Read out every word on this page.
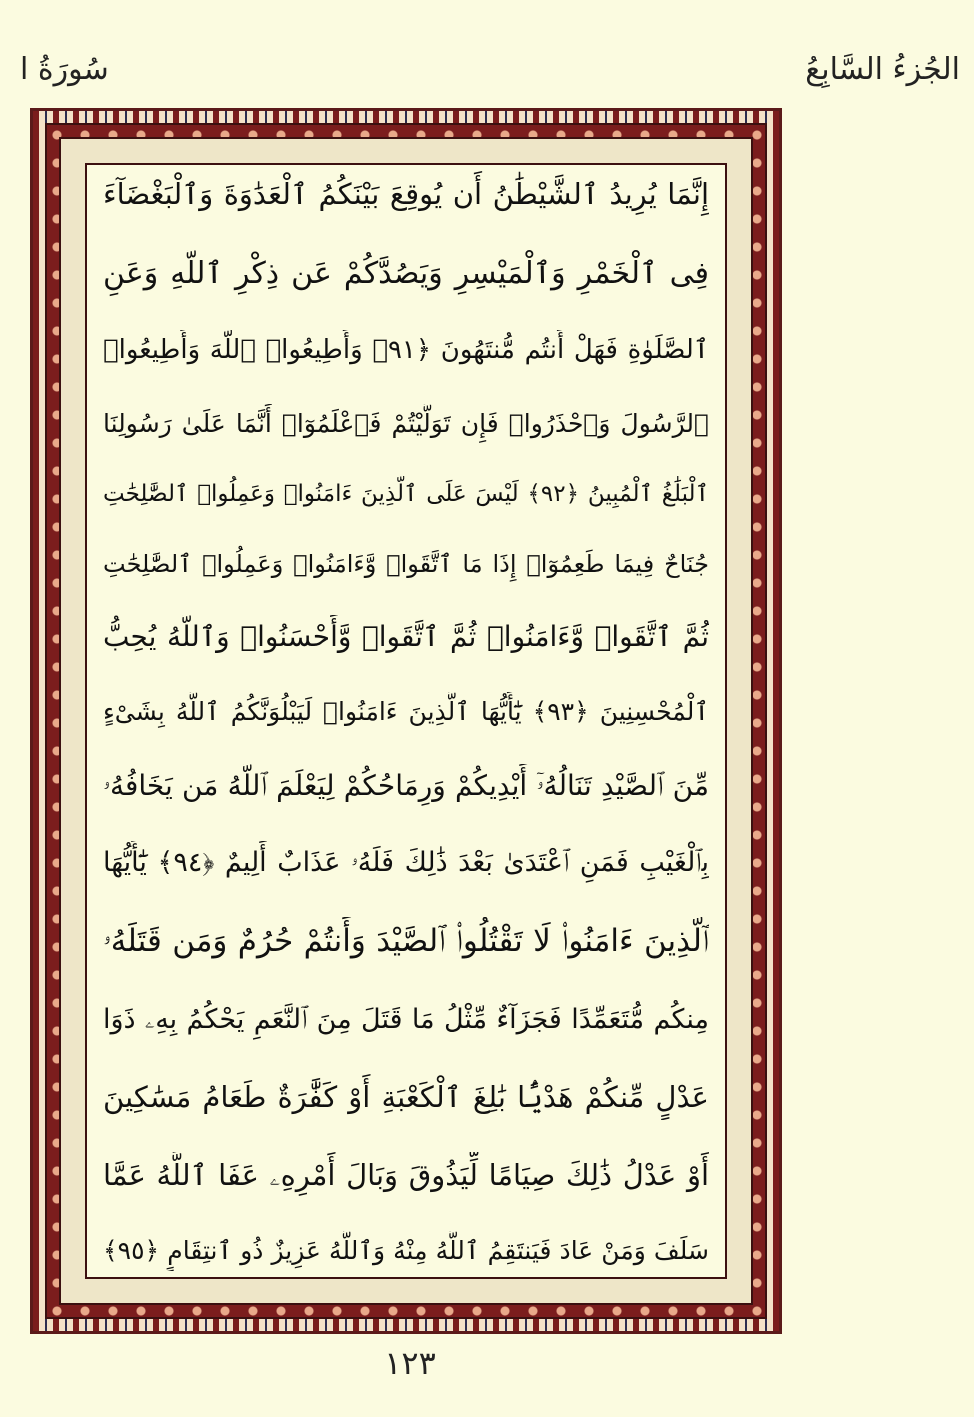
الجُزءُ السَّابِعُ
سُورَةُ ا
إِنَّمَا يُرِيدُ ٱلشَّيْطَٰنُ أَن يُوقِعَ بَيْنَكُمُ ٱلْعَدَٰوَةَ وَٱلْبَغْضَآءَ
فِى ٱلْخَمْرِ وَٱلْمَيْسِرِ وَيَصُدَّكُمْ عَن ذِكْرِ ٱللَّهِ وَعَنِ
ٱلصَّلَوٰةِ فَهَلْ أَنتُم مُّنتَهُونَ ﴿٩١﴾ وَأَطِيعُوا۟ ٱللَّهَ وَأَطِيعُوا۟
ٱلرَّسُولَ وَٱحْذَرُوا۟ فَإِن تَوَلَّيْتُمْ فَٱعْلَمُوٓا۟ أَنَّمَا عَلَىٰ رَسُولِنَا
ٱلْبَلَٰغُ ٱلْمُبِينُ ﴿٩٢﴾ لَيْسَ عَلَى ٱلَّذِينَ ءَامَنُوا۟ وَعَمِلُوا۟ ٱلصَّٰلِحَٰتِ
جُنَاحٌ فِيمَا طَعِمُوٓا۟ إِذَا مَا ٱتَّقَوا۟ وَّءَامَنُوا۟ وَعَمِلُوا۟ ٱلصَّٰلِحَٰتِ
ثُمَّ ٱتَّقَوا۟ وَّءَامَنُوا۟ ثُمَّ ٱتَّقَوا۟ وَّأَحْسَنُوا۟ وَٱللَّهُ يُحِبُّ
ٱلْمُحْسِنِينَ ﴿٩٣﴾ يَٰٓأَيُّهَا ٱلَّذِينَ ءَامَنُوا۟ لَيَبْلُوَنَّكُمُ ٱللَّهُ بِشَىْءٍ
مِّنَ ٱلصَّيْدِ تَنَالُهُۥٓ أَيْدِيكُمْ وَرِمَاحُكُمْ لِيَعْلَمَ ٱللَّهُ مَن يَخَافُهُۥ
بِٱلْغَيْبِ فَمَنِ ٱعْتَدَىٰ بَعْدَ ذَٰلِكَ فَلَهُۥ عَذَابٌ أَلِيمٌ ﴿٩٤﴾ يَٰٓأَيُّهَا
ٱلَّذِينَ ءَامَنُوا۟ لَا تَقْتُلُوا۟ ٱلصَّيْدَ وَأَنتُمْ حُرُمٌ وَمَن قَتَلَهُۥ
مِنكُم مُّتَعَمِّدًا فَجَزَآءٌ مِّثْلُ مَا قَتَلَ مِنَ ٱلنَّعَمِ يَحْكُمُ بِهِۦ ذَوَا
عَدْلٍ مِّنكُمْ هَدْيًۢا بَٰلِغَ ٱلْكَعْبَةِ أَوْ كَفَّٰرَةٌ طَعَامُ مَسَٰكِينَ
أَوْ عَدْلُ ذَٰلِكَ صِيَامًا لِّيَذُوقَ وَبَالَ أَمْرِهِۦ عَفَا ٱللَّهُ عَمَّا
سَلَفَ وَمَنْ عَادَ فَيَنتَقِمُ ٱللَّهُ مِنْهُ وَٱللَّهُ عَزِيزٌ ذُو ٱنتِقَامٍ ﴿٩٥﴾
١٢٣
